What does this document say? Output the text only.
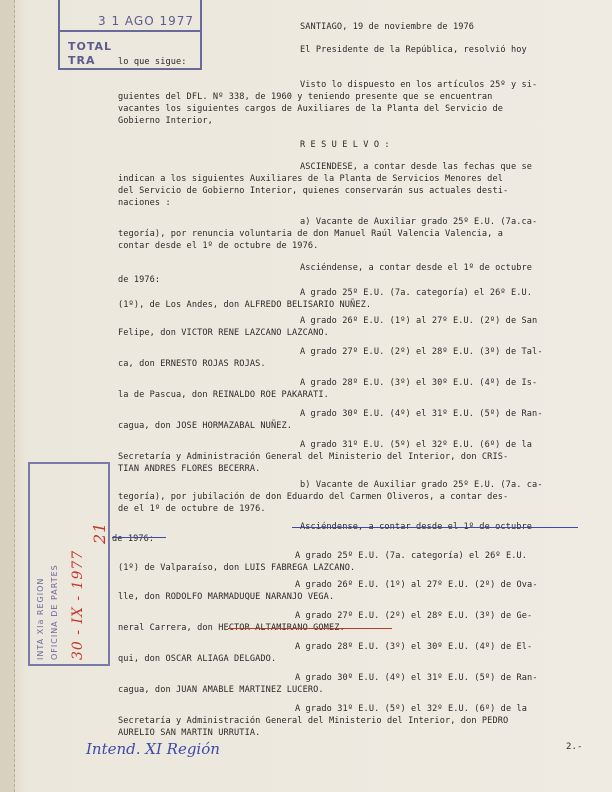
3 1 AGO 1977
TOTAL
TRA
SANTIAGO, 19 de noviembre de 1976
El Presidente de la República, resolvió hoy
lo que sigue:
Visto lo dispuesto en los artículos 25º y si-
guientes del DFL. Nº 338, de 1960 y teniendo presente que se encuentran
vacantes los siguientes cargos de Auxiliares de la Planta del Servicio de
Gobierno Interior,
R E S U E L V O :
ASCIENDESE, a contar desde las fechas que se
indican a los siguientes Auxiliares de la Planta de Servicios Menores del
del Servicio de Gobierno Interior, quienes conservarán sus actuales desti-
naciones :
a) Vacante de Auxiliar grado 25º E.U. (7a.ca-
tegoría), por renuncia voluntaria de don Manuel Raúl Valencia Valencia, a
contar desde el 1º de octubre de 1976.
Asciéndense, a contar desde el 1º de octubre
de 1976:
A grado 25º E.U. (7a. categoría) el 26º E.U.
(1º), de Los Andes, don ALFREDO BELISARIO NUÑEZ.
A grado 26º E.U. (1º) al 27º E.U. (2º) de San
Felipe, don VICTOR RENE LAZCANO LAZCANO.
A grado 27º E.U. (2º) el 28º E.U. (3º) de Tal-
ca, don ERNESTO ROJAS ROJAS.
A grado 28º E.U. (3º) el 30º E.U. (4º) de Is-
la de Pascua, don REINALDO ROE PAKARATI.
A grado 30º E.U. (4º) el 31º E.U. (5º) de Ran-
cagua, don JOSE HORMAZABAL NUÑEZ.
A grado 31º E.U. (5º) el 32º E.U. (6º) de la
Secretaría y Administración General del Ministerio del Interior, don CRIS-
TIAN ANDRES FLORES BECERRA.
b) Vacante de Auxiliar grado 25º E.U. (7a. ca-
tegoría), por jubilación de don Eduardo del Carmen Oliveros, a contar des-
de el 1º de octubre de 1976.
Asciéndense, a contar desde el 1º de octubre
de 1976:
A grado 25º E.U. (7a. categoría) el 26º E.U.
(1º) de Valparaíso, don LUIS FABREGA LAZCANO.
A grado 26º E.U. (1º) al 27º E.U. (2º) de Ova-
lle, don RODOLFO MARMADUQUE NARANJO VEGA.
A grado 27º E.U. (2º) el 28º E.U. (3º) de Ge-
neral Carrera, don HECTOR ALTAMIRANO GOMEZ.
A grado 28º E.U. (3º) el 30º E.U. (4º) de El-
qui, don OSCAR ALIAGA DELGADO.
A grado 30º E.U. (4º) el 31º E.U. (5º) de Ran-
cagua, don JUAN AMABLE MARTINEZ LUCERO.
A grado 31º E.U. (5º) el 32º E.U. (6º) de la
Secretaría y Administración General del Ministerio del Interior, don PEDRO
AURELIO SAN MARTIN URRUTIA.
INTA XIa REGION OFICINA DE PARTES 30 - IX - 1977
21
Intend. XI Región	2.-
